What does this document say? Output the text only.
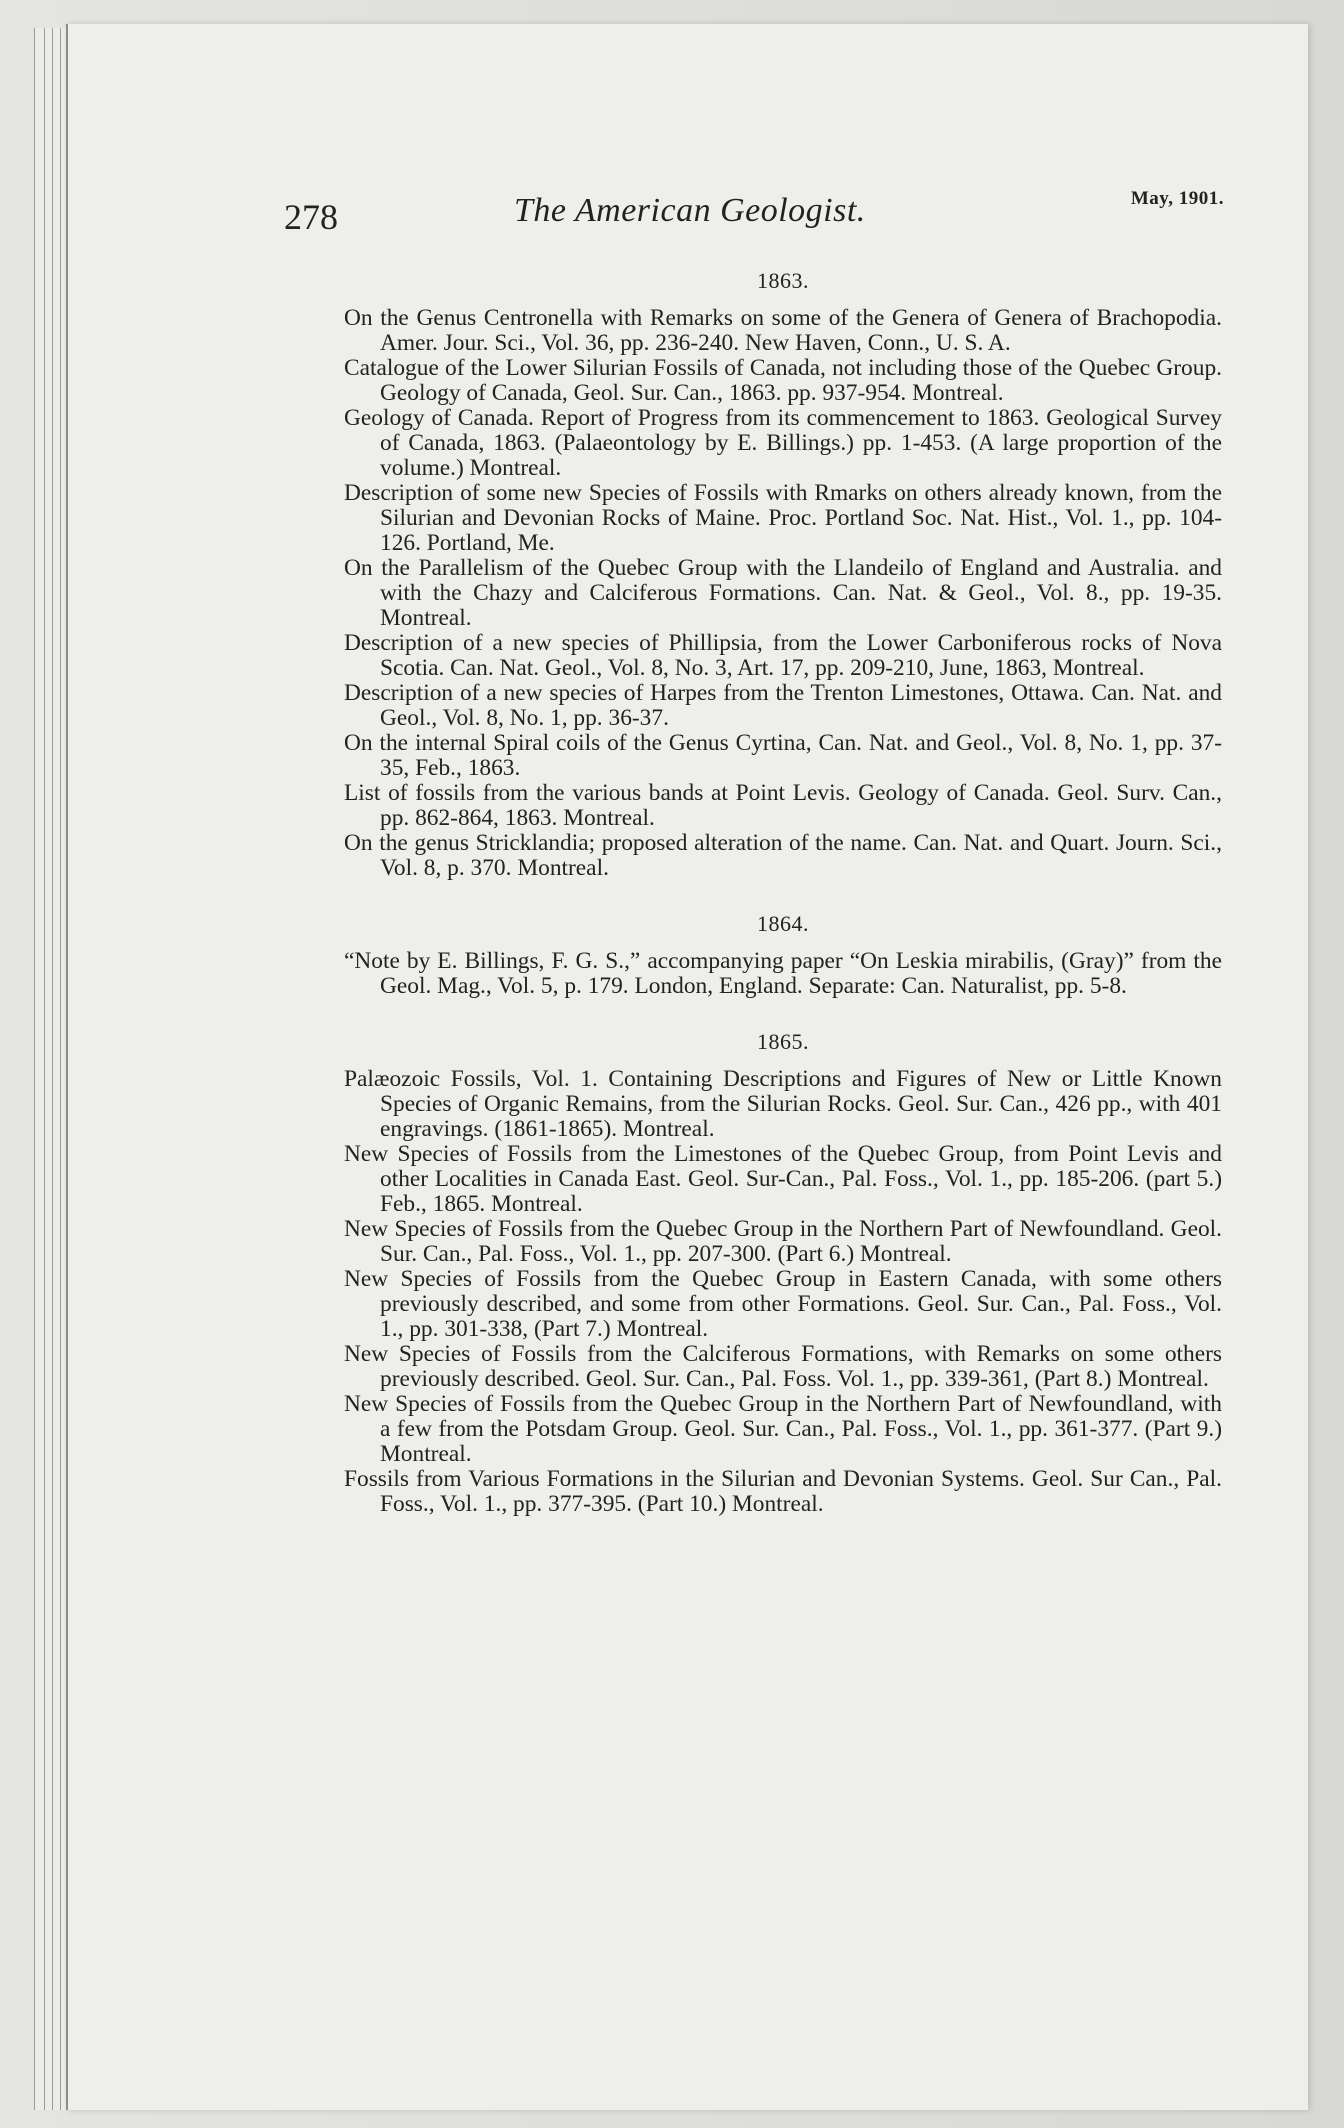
278	The American Geologist.	May, 1901.
1863.

On the Genus Centronella with Remarks on some of the Genera of Genera of Brachopodia. Amer. Jour. Sci., Vol. 36, pp. 236-240. New Haven, Conn., U. S. A.

Catalogue of the Lower Silurian Fossils of Canada, not including those of the Quebec Group. Geology of Canada, Geol. Sur. Can., 1863. pp. 937-954. Montreal.

Geology of Canada. Report of Progress from its commencement to 1863. Geological Survey of Canada, 1863. (Palaeontology by E. Billings.) pp. 1-453. (A large proportion of the volume.) Montreal.

Description of some new Species of Fossils with Rmarks on others already known, from the Silurian and Devonian Rocks of Maine. Proc. Portland Soc. Nat. Hist., Vol. 1., pp. 104-126. Portland, Me.

On the Parallelism of the Quebec Group with the Llandeilo of England and Australia. and with the Chazy and Calciferous Formations. Can. Nat. & Geol., Vol. 8., pp. 19-35. Montreal.

Description of a new species of Phillipsia, from the Lower Carboniferous rocks of Nova Scotia. Can. Nat. Geol., Vol. 8, No. 3, Art. 17, pp. 209-210, June, 1863, Montreal.

Description of a new species of Harpes from the Trenton Limestones, Ottawa. Can. Nat. and Geol., Vol. 8, No. 1, pp. 36-37.

On the internal Spiral coils of the Genus Cyrtina, Can. Nat. and Geol., Vol. 8, No. 1, pp. 37-35, Feb., 1863.

List of fossils from the various bands at Point Levis. Geology of Canada. Geol. Surv. Can., pp. 862-864, 1863. Montreal.

On the genus Stricklandia; proposed alteration of the name. Can. Nat. and Quart. Journ. Sci., Vol. 8, p. 370. Montreal.

1864.

“Note by E. Billings, F. G. S.,” accompanying paper “On Leskia mirabilis, (Gray)” from the Geol. Mag., Vol. 5, p. 179. London, England. Separate: Can. Naturalist, pp. 5-8.

1865.

Palæozoic Fossils, Vol. 1. Containing Descriptions and Figures of New or Little Known Species of Organic Remains, from the Silurian Rocks. Geol. Sur. Can., 426 pp., with 401 engravings. (1861-1865). Montreal.

New Species of Fossils from the Limestones of the Quebec Group, from Point Levis and other Localities in Canada East. Geol. Sur-Can., Pal. Foss., Vol. 1., pp. 185-206. (part 5.) Feb., 1865. Montreal.

New Species of Fossils from the Quebec Group in the Northern Part of Newfoundland. Geol. Sur. Can., Pal. Foss., Vol. 1., pp. 207-300. (Part 6.) Montreal.

New Species of Fossils from the Quebec Group in Eastern Canada, with some others previously described, and some from other Formations. Geol. Sur. Can., Pal. Foss., Vol. 1., pp. 301-338, (Part 7.) Montreal.

New Species of Fossils from the Calciferous Formations, with Remarks on some others previously described. Geol. Sur. Can., Pal. Foss. Vol. 1., pp. 339-361, (Part 8.) Montreal.

New Species of Fossils from the Quebec Group in the Northern Part of Newfoundland, with a few from the Potsdam Group. Geol. Sur. Can., Pal. Foss., Vol. 1., pp. 361-377. (Part 9.) Montreal.

Fossils from Various Formations in the Silurian and Devonian Systems. Geol. Sur Can., Pal. Foss., Vol. 1., pp. 377-395. (Part 10.) Montreal.
